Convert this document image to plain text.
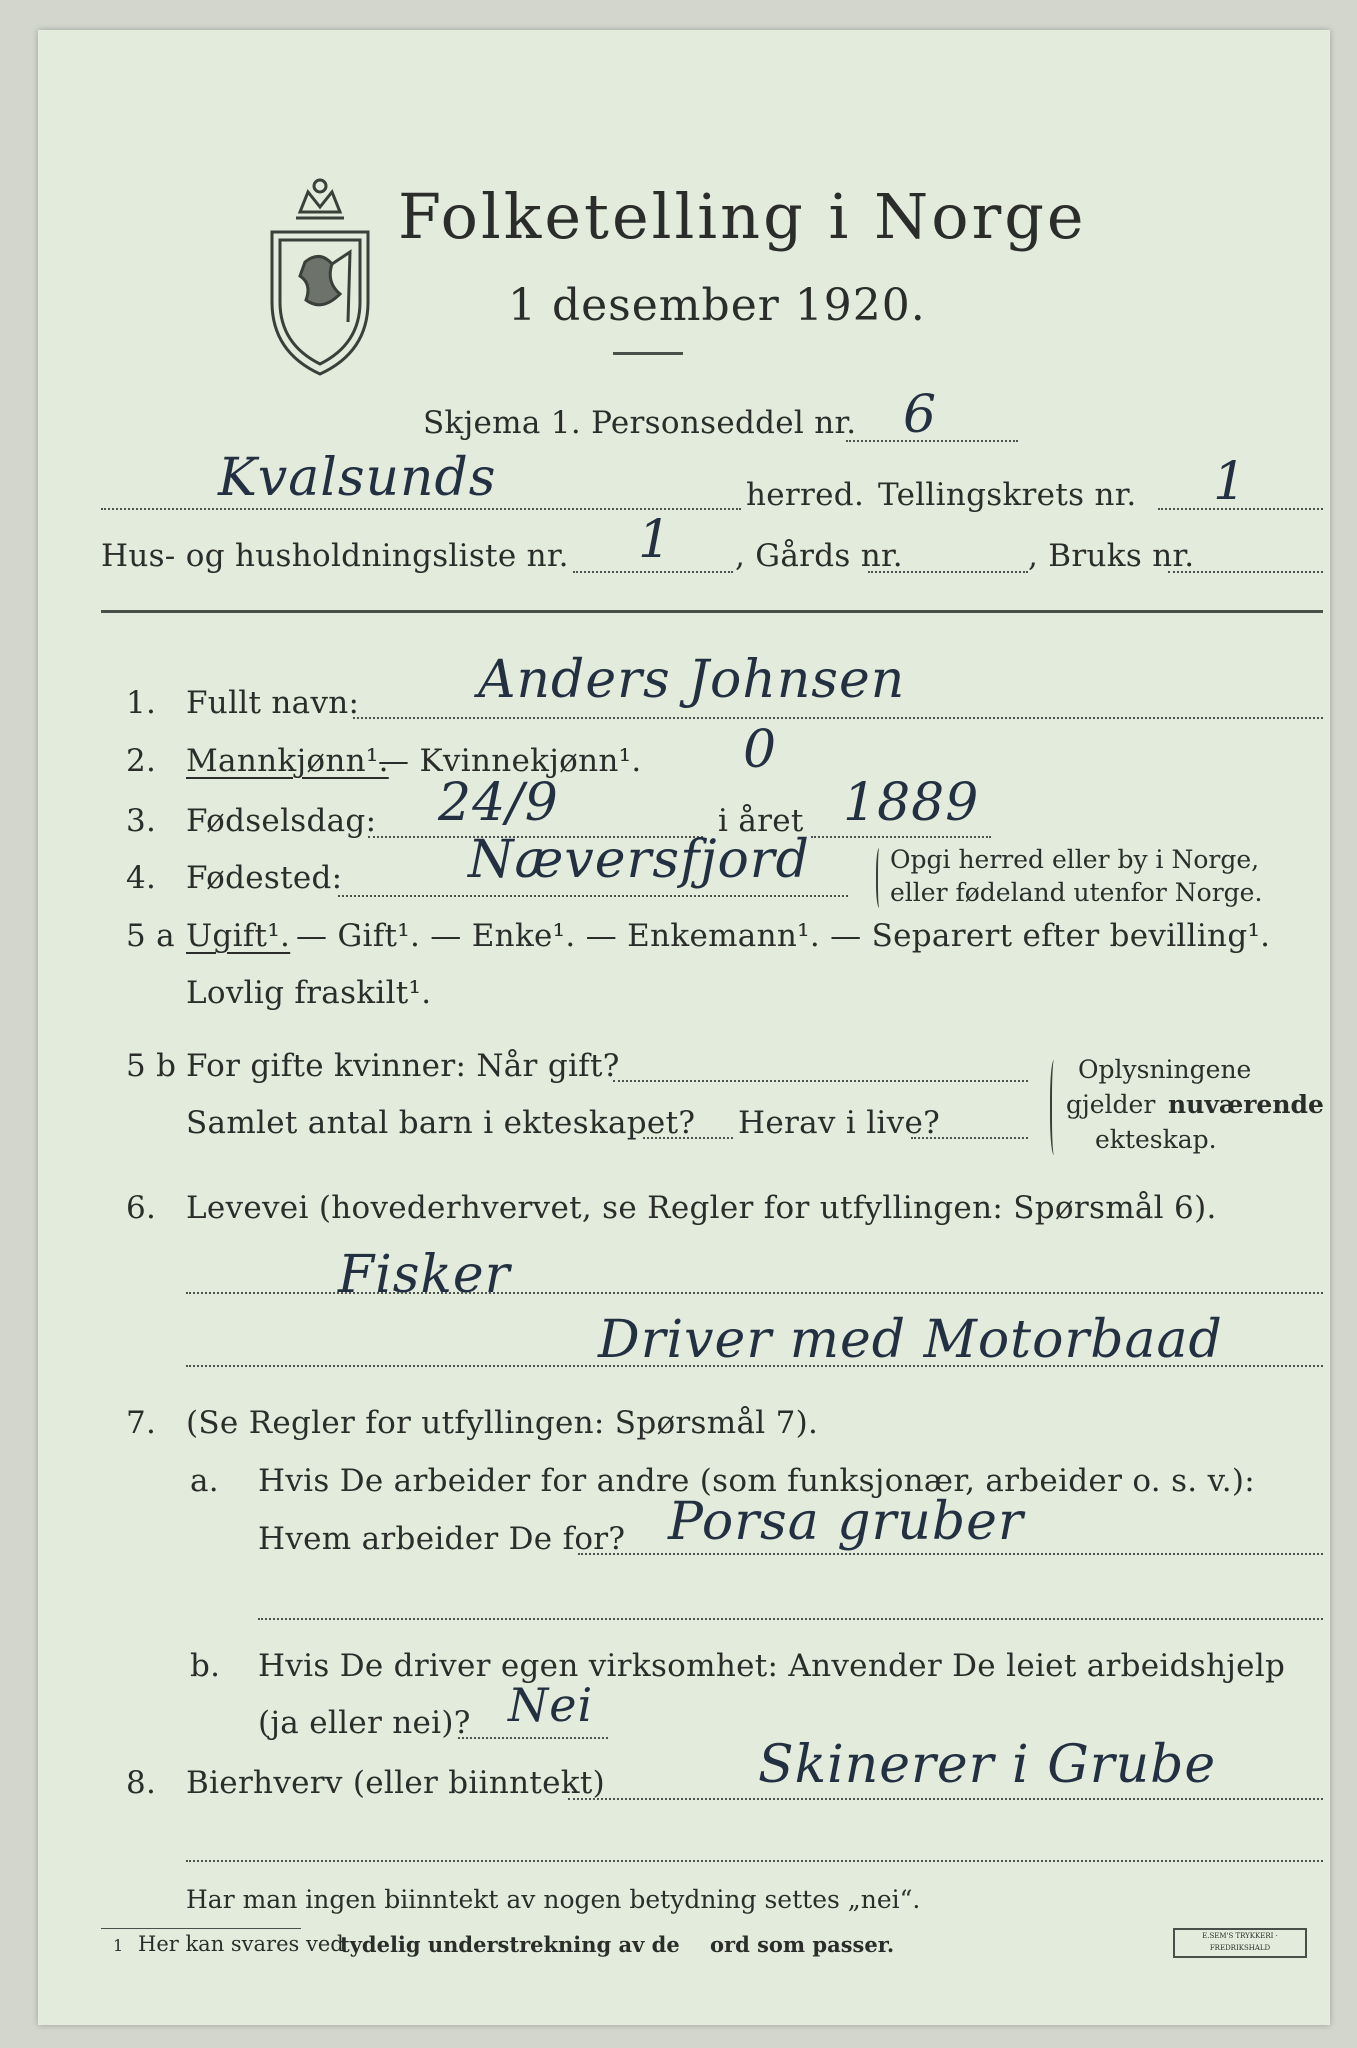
Folketelling i Norge
1 desember 1920.
Skjema 1. Personseddel nr. 6
Kvalsunds	herred. Tellingskrets nr. 1
Hus- og husholdningsliste nr. 1 , Gårds nr.	, Bruks nr.
1. Fullt navn: Anders Johnsen
2. Mannkjønn¹.
— Kvinnekjønn¹. 0
3. Fødselsdag: 24/9	i året 1889
4. Fødested: Næversfjord	Opgi herred eller by i Norge,
eller fødeland utenfor Norge.
5 a Ugift¹. — Gift¹. — Enke¹. — Enkemann¹. — Separert efter bevilling¹.
Lovlig fraskilt¹.
5 b For gifte kvinner: Når gift?
Samlet antal barn i ekteskapet? Herav i live?
Oplysningene
gjelder nuværende
ekteskap.
6. Levevei (hovederhvervet, se Regler for utfyllingen: Spørsmål 6).
Fisker
Driver med Motorbaad
7. (Se Regler for utfyllingen: Spørsmål 7).
a. Hvis De arbeider for andre (som funksjonær, arbeider o. s. v.):
Hvem arbeider De for? Porsa gruber
b. Hvis De driver egen virksomhet: Anvender De leiet arbeidshjelp
(ja eller nei)? Nei
8. Bierhverv (eller biinntekt)	Skinerer i Grube
Har man ingen biinntekt av nogen betydning settes „nei“.
1 Her kan svares ved
tydelig understrekning av de ord som passer.	E.SEM'S TRYKKERI · FREDRIKSHALD
